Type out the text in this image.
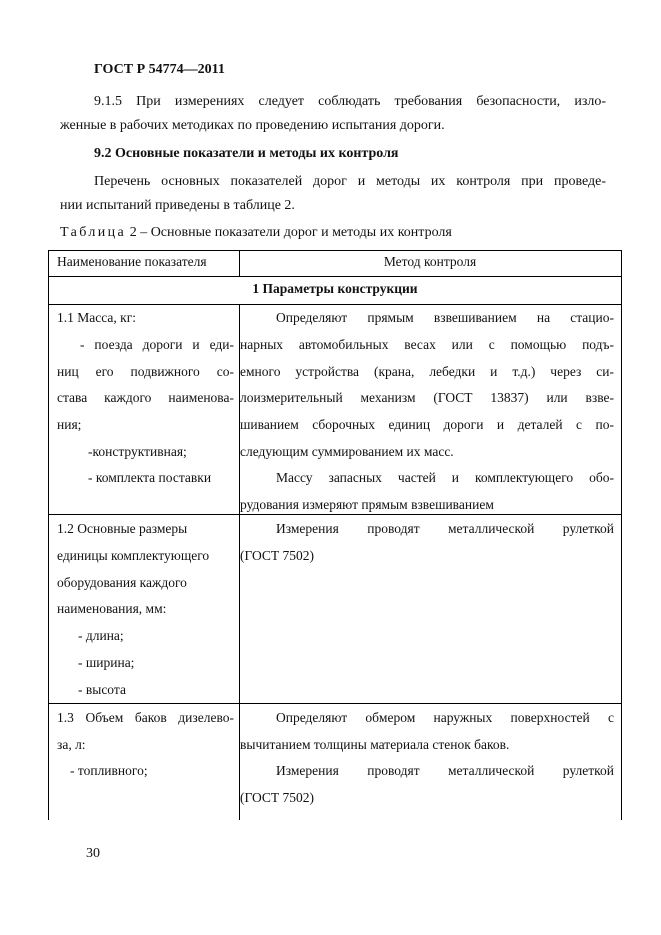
ГОСТ Р 54774—2011
9.1.5 При измерениях следует соблюдать требования безопасности, изло-
женные в рабочих методиках по проведению испытания дороги.
9.2 Основные показатели и методы их контроля
Перечень основных показателей дорог и методы их контроля при проведе-
нии испытаний приведены в таблице 2.
Таблица 2 – Основные показатели дорог и методы их контроля
Наименование показателя	Метод контроля
1 Параметры конструкции
1.1 Масса, кг:
- поезда дороги и еди-
ниц его подвижного со-
става каждого наименова-
ния;
-конструктивная;
- комплекта поставки
Определяют прямым взвешиванием на стацио-
нарных автомобильных весах или с помощью подъ-
емного устройства (крана, лебедки и т.д.) через си-
лоизмерительный механизм (ГОСТ 13837) или взве-
шиванием сборочных единиц дороги и деталей с по-
следующим суммированием их масс.
Массу запасных частей и комплектующего обо-
рудования измеряют прямым взвешиванием
1.2 Основные размеры
единицы комплектующего
оборудования каждого
наименования, мм:
- длина;
- ширина;
- высота
Измерения проводят металлической рулеткой
(ГОСТ 7502)
1.3 Объем баков дизелево-
за, л:
- топливного;
Определяют обмером наружных поверхностей с
вычитанием толщины материала стенок баков.
Измерения проводят металлической рулеткой
(ГОСТ 7502)
30
